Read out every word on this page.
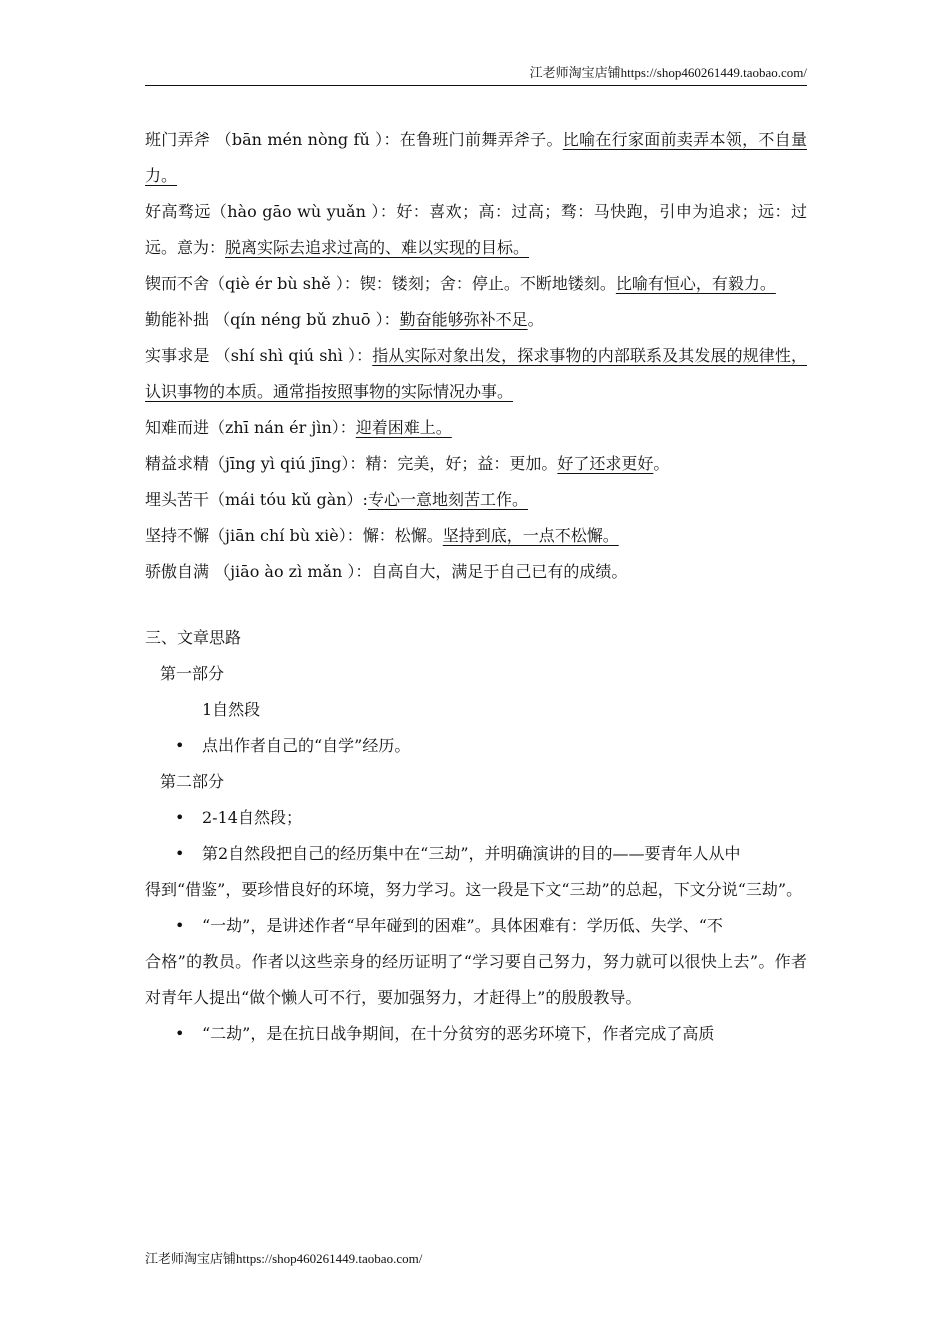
江老师淘宝店铺https://shop460261449.taobao.com/

班门弄斧 （bān mén nòng fǔ ）：在鲁班门前舞弄斧子。比喻在行家面前卖弄本领，不自量力。

好高骛远（hào gāo wù yuǎn ）：好：喜欢；高：过高；骛：马快跑，引申为追求；远：过远。意为：脱离实际去追求过高的、难以实现的目标。

锲而不舍（qiè ér bù shě ）：锲：镂刻；舍：停止。不断地镂刻。比喻有恒心，有毅力。

勤能补拙 （qín néng bǔ zhuō ）：勤奋能够弥补不足。

实事求是 （shí shì qiú shì ）：指从实际对象出发，探求事物的内部联系及其发展的规律性，认识事物的本质。通常指按照事物的实际情况办事。

知难而进（zhī nán ér jìn）：迎着困难上。

精益求精（jīng yì qiú jīng）：精：完美，好；益：更加。好了还求更好。

埋头苦干（mái tóu kǔ gàn）:专心一意地刻苦工作。

坚持不懈（jiān chí bù xiè）：懈：松懈。坚持到底，一点不松懈。

骄傲自满 （jiāo ào zì mǎn ）：自高自大，满足于自己已有的成绩。

三、文章思路

第一部分

1自然段

• 点出作者自己的“自学”经历。

第二部分

• 2-14自然段；

• 第2自然段把自己的经历集中在“三劫”，并明确演讲的目的——要青年人从中

得到“借鉴”，要珍惜良好的环境，努力学习。这一段是下文“三劫”的总起，下文分说“三劫”。

• “一劫”，是讲述作者“早年碰到的困难”。具体困难有：学历低、失学、“不

合格”的教员。作者以这些亲身的经历证明了“学习要自己努力，努力就可以很快上去”。作者对青年人提出“做个懒人可不行，要加强努力，才赶得上”的殷殷教导。

• “二劫”，是在抗日战争期间，在十分贫穷的恶劣环境下，作者完成了高质

江老师淘宝店铺https://shop460261449.taobao.com/
